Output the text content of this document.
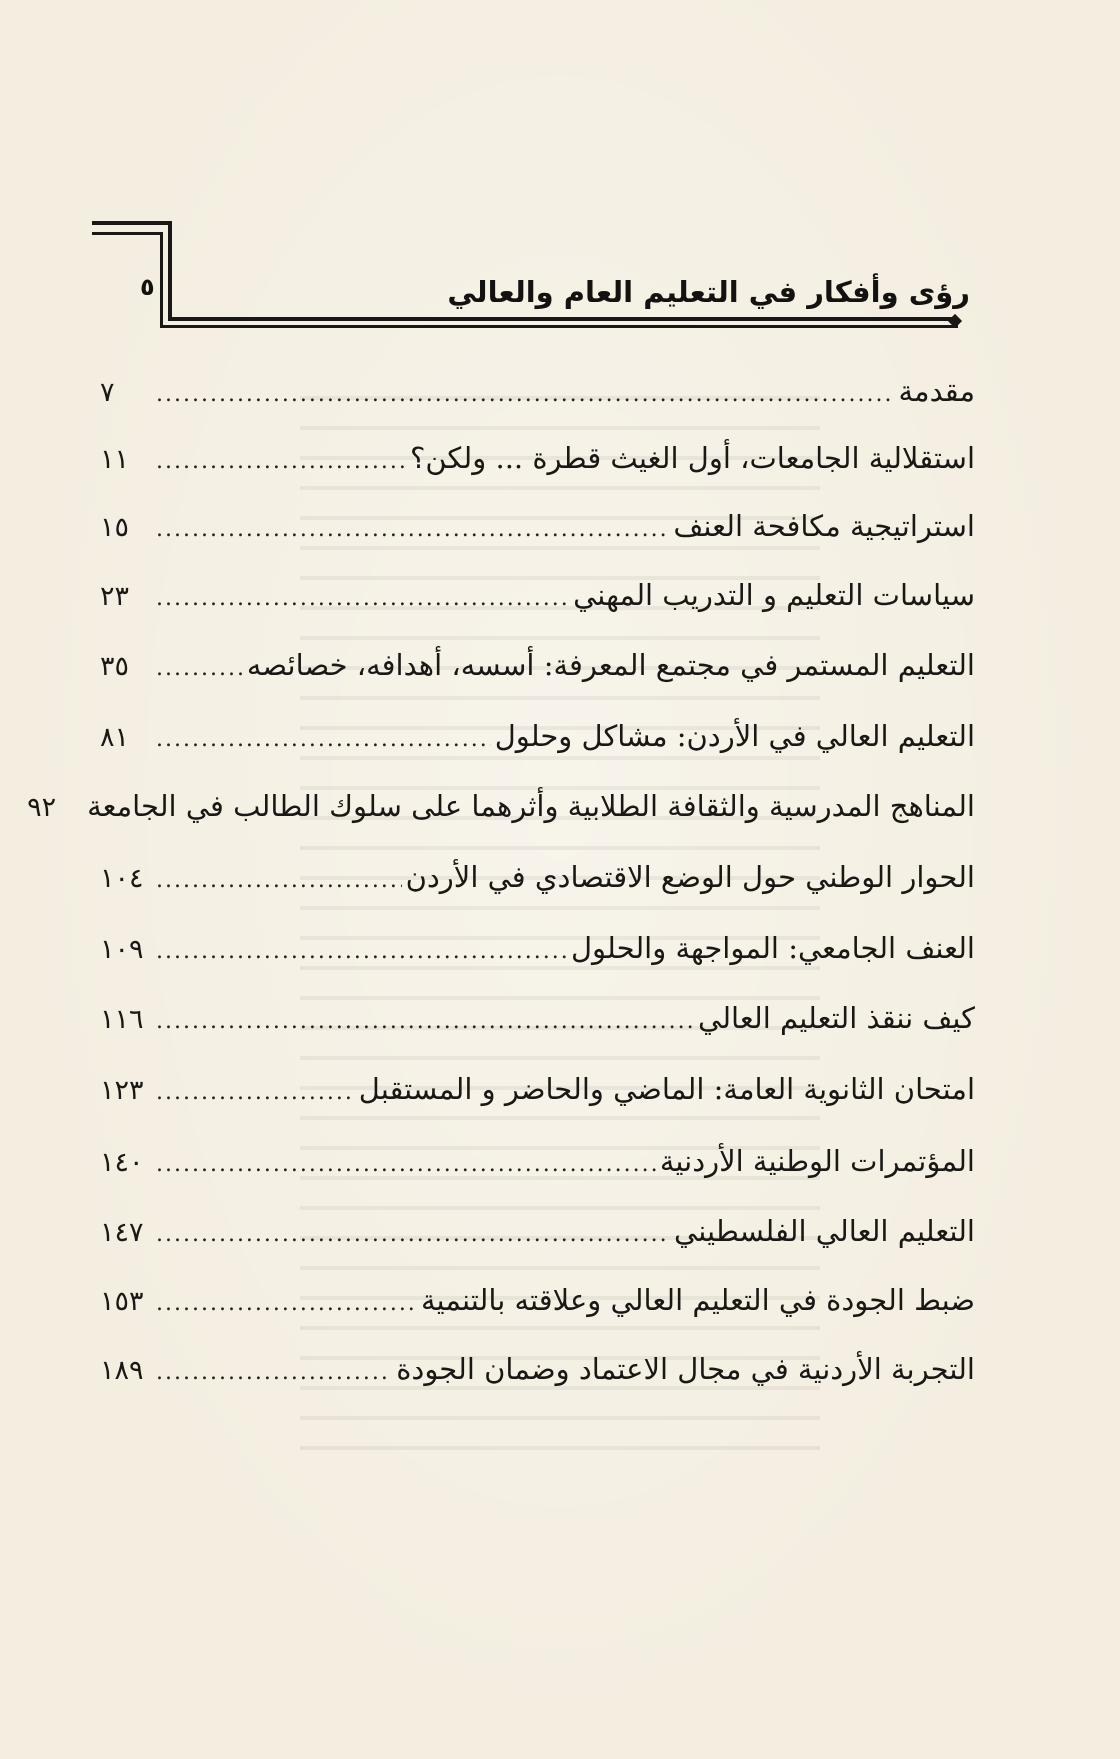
رؤى وأفكار في التعليم العام والعالي
٥
مقدمة
.....
٧
استقلالية الجامعات، أول الغيث قطرة ... ولكن؟
.....
١١
استراتيجية مكافحة العنف
.....
١٥
سياسات التعليم و التدريب المهني
.....
٢٣
التعليم المستمر في مجتمع المعرفة: أسسه، أهدافه، خصائصه
.....
٣٥
التعليم العالي في الأردن: مشاكل وحلول
.....
٨١
المناهج المدرسية والثقافة الطلابية وأثرهما على سلوك الطالب في الجامعة
٩٢
الحوار الوطني حول الوضع الاقتصادي في الأردن
.....
١٠٤
العنف الجامعي: المواجهة والحلول
.....
١٠٩
كيف ننقذ التعليم العالي
.....
١١٦
امتحان الثانوية العامة: الماضي والحاضر و المستقبل
.....
١٢٣
المؤتمرات الوطنية الأردنية
.....
١٤٠
التعليم العالي الفلسطيني
.....
١٤٧
ضبط الجودة في التعليم العالي وعلاقته بالتنمية
.....
١٥٣
التجربة الأردنية في مجال الاعتماد وضمان الجودة
.....
١٨٩
